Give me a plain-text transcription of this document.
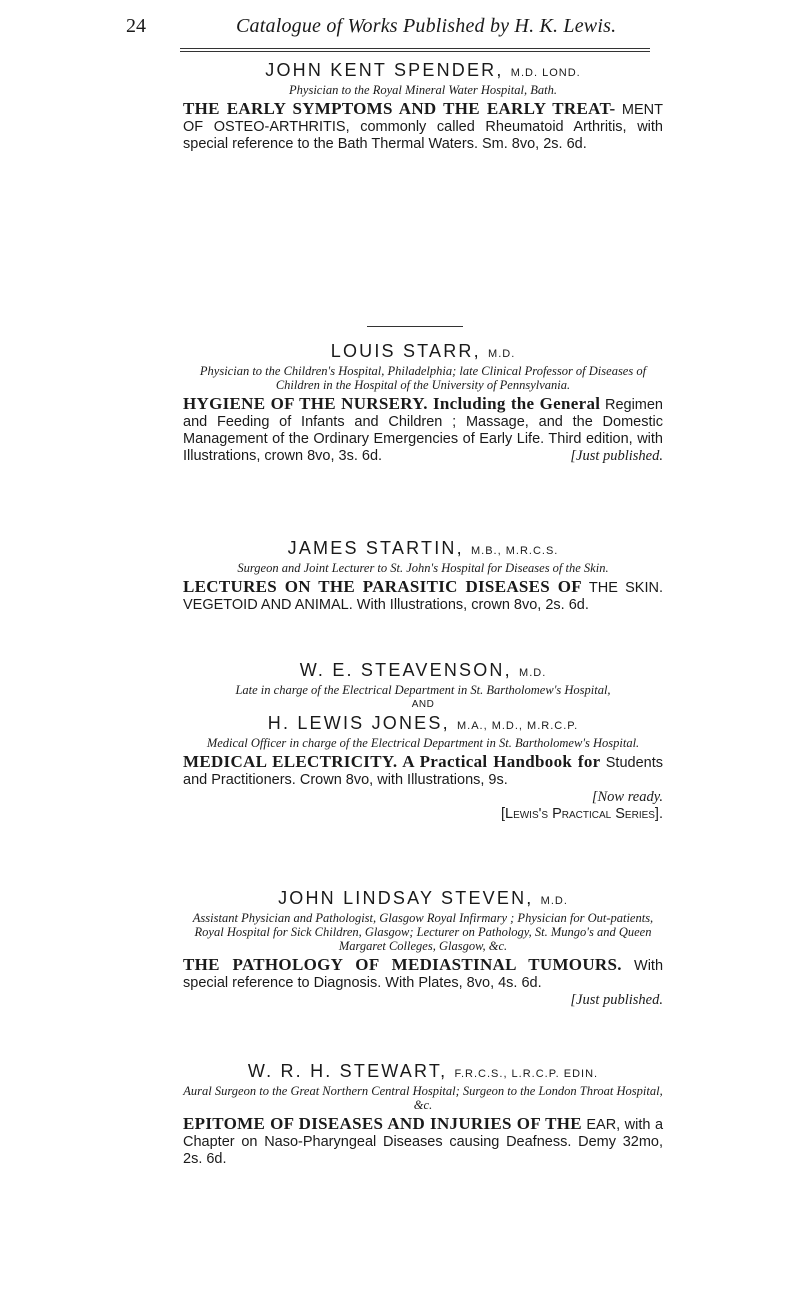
24	Catalogue of Works Published by H. K. Lewis.
JOHN KENT SPENDER, M.D. LOND.
Physician to the Royal Mineral Water Hospital, Bath.
THE EARLY SYMPTOMS AND THE EARLY TREAT- MENT OF OSTEO-ARTHRITIS, commonly called Rheumatoid Arthritis, with special reference to the Bath Thermal Waters. Sm. 8vo, 2s. 6d.
LOUIS STARR, M.D.
Physician to the Children's Hospital, Philadelphia; late Clinical Professor of Diseases of Children in the Hospital of the University of Pennsylvania.
HYGIENE OF THE NURSERY. Including the General Regimen and Feeding of Infants and Children ; Massage, and the Domestic Management of the Ordinary Emergencies of Early Life. Third edition, with Illustrations, crown 8vo, 3s. 6d.	[Just published.
JAMES STARTIN, M.B., M.R.C.S.
Surgeon and Joint Lecturer to St. John's Hospital for Diseases of the Skin.
LECTURES ON THE PARASITIC DISEASES OF THE SKIN. VEGETOID AND ANIMAL. With Illustrations, crown 8vo, 2s. 6d.
W. E. STEAVENSON, M.D.
Late in charge of the Electrical Department in St. Bartholomew's Hospital,
AND
H. LEWIS JONES, M.A., M.D., M.R.C.P.
Medical Officer in charge of the Electrical Department in St. Bartholomew's Hospital.
MEDICAL ELECTRICITY. A Practical Handbook for Students and Practitioners. Crown 8vo, with Illustrations, 9s.
[Now ready.
[Lewis's Practical Series].
JOHN LINDSAY STEVEN, M.D.
Assistant Physician and Pathologist, Glasgow Royal Infirmary ; Physician for Out-patients, Royal Hospital for Sick Children, Glasgow; Lecturer on Pathology, St. Mungo's and Queen Margaret Colleges, Glasgow, &c.
THE PATHOLOGY OF MEDIASTINAL TUMOURS. With special reference to Diagnosis. With Plates, 8vo, 4s. 6d.
[Just published.
W. R. H. STEWART, F.R.C.S., L.R.C.P. EDIN.
Aural Surgeon to the Great Northern Central Hospital; Surgeon to the London Throat Hospital, &c.
EPITOME OF DISEASES AND INJURIES OF THE EAR, with a Chapter on Naso-Pharyngeal Diseases causing Deafness. Demy 32mo, 2s. 6d.
